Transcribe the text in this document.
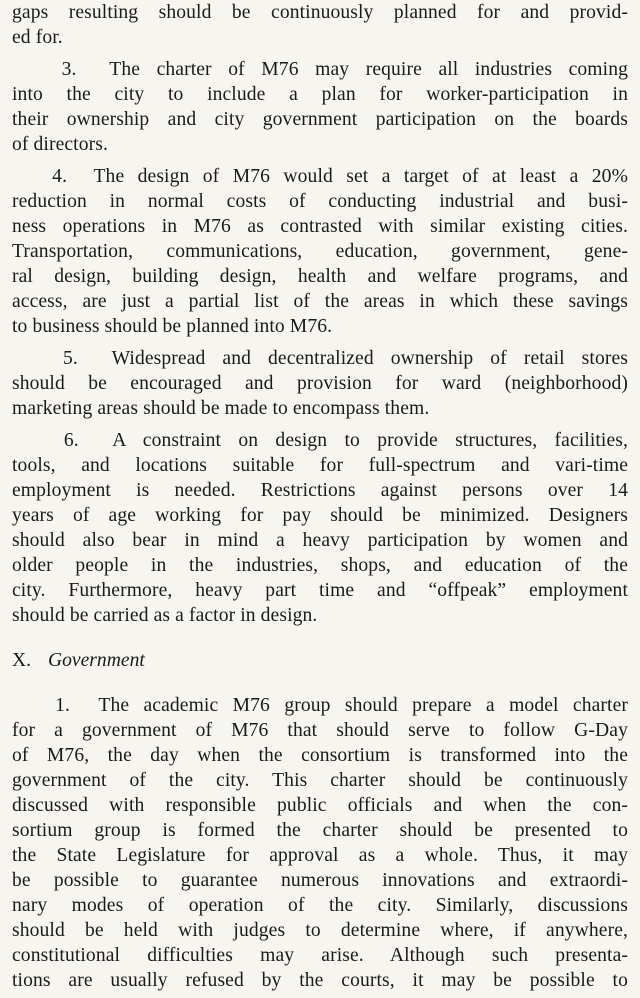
gaps resulting should be continuously planned for and provid-
ed for.
3.  The charter of M76 may require all industries coming
into the city to include a plan for worker-participation in
their ownership and city government participation on the boards
of directors.
4.  The design of M76 would set a target of at least a 20%
reduction in normal costs of conducting industrial and busi-
ness operations in M76 as contrasted with similar existing cities.
Transportation, communications, education, government, gene-
ral design, building design, health and welfare programs, and
access, are just a partial list of the areas in which these savings
to business should be planned into M76.
5.  Widespread and decentralized ownership of retail stores
should be encouraged and provision for ward (neighborhood)
marketing areas should be made to encompass them.
6.  A constraint on design to provide structures, facilities,
tools, and locations suitable for full-spectrum and vari-time
employment is needed. Restrictions against persons over 14
years of age working for pay should be minimized. Designers
should also bear in mind a heavy participation by women and
older people in the industries, shops, and education of the
city. Furthermore, heavy part time and “offpeak” employment
should be carried as a factor in design.
X. Government
1.  The academic M76 group should prepare a model charter
for a government of M76 that should serve to follow G-Day
of M76, the day when the consortium is transformed into the
government of the city. This charter should be continuously
discussed with responsible public officials and when the con-
sortium group is formed the charter should be presented to
the State Legislature for approval as a whole. Thus, it may
be possible to guarantee numerous innovations and extraordi-
nary modes of operation of the city. Similarly, discussions
should be held with judges to determine where, if anywhere,
constitutional difficulties may arise. Although such presenta-
tions are usually refused by the courts, it may be possible to
